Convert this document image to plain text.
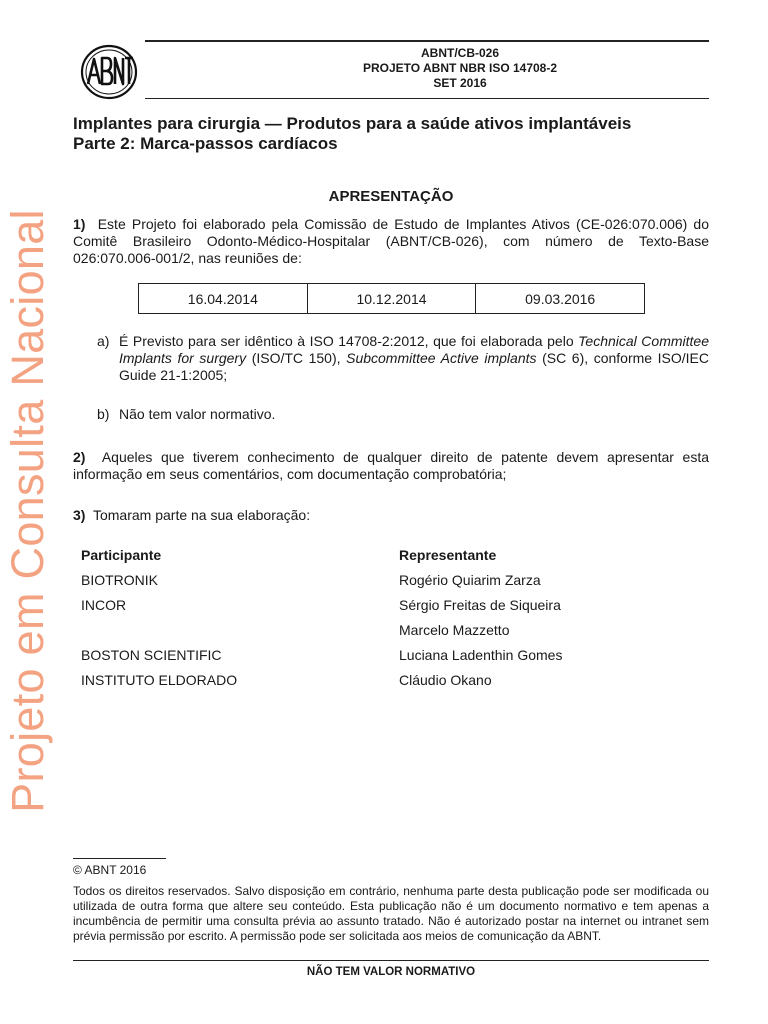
Projeto em Consulta Nacional
ABNT/CB-026
PROJETO ABNT NBR ISO 14708-2
SET 2016
Implantes para cirurgia — Produtos para a saúde ativos implantáveis
Parte 2: Marca-passos cardíacos
APRESENTAÇÃO
1) Este Projeto foi elaborado pela Comissão de Estudo de Implantes Ativos (CE-026:070.006) do Comitê Brasileiro Odonto-Médico-Hospitalar (ABNT/CB-026), com número de Texto-Base 026:070.006-001/2, nas reuniões de:
16.04.2014	10.12.2014	09.03.2016
a) É Previsto para ser idêntico à ISO 14708-2:2012, que foi elaborada pelo Technical Committee Implants for surgery (ISO/TC 150), Subcommittee Active implants (SC 6), conforme ISO/IEC Guide 21-1:2005;
b) Não tem valor normativo.
2) Aqueles que tiverem conhecimento de qualquer direito de patente devem apresentar esta informação em seus comentários, com documentação comprobatória;
3) Tomaram parte na sua elaboração:
Participante
BIOTRONIK
INCOR
BOSTON SCIENTIFIC
INSTITUTO ELDORADO
Representante
Rogério Quiarim Zarza
Sérgio Freitas de Siqueira
Marcelo Mazzetto
Luciana Ladenthin Gomes
Cláudio Okano
© ABNT 2016
Todos os direitos reservados. Salvo disposição em contrário, nenhuma parte desta publicação pode ser modificada ou utilizada de outra forma que altere seu conteúdo. Esta publicação não é um documento normativo e tem apenas a incumbência de permitir uma consulta prévia ao assunto tratado. Não é autorizado postar na internet ou intranet sem prévia permissão por escrito. A permissão pode ser solicitada aos meios de comunicação da ABNT.
NÃO TEM VALOR NORMATIVO
